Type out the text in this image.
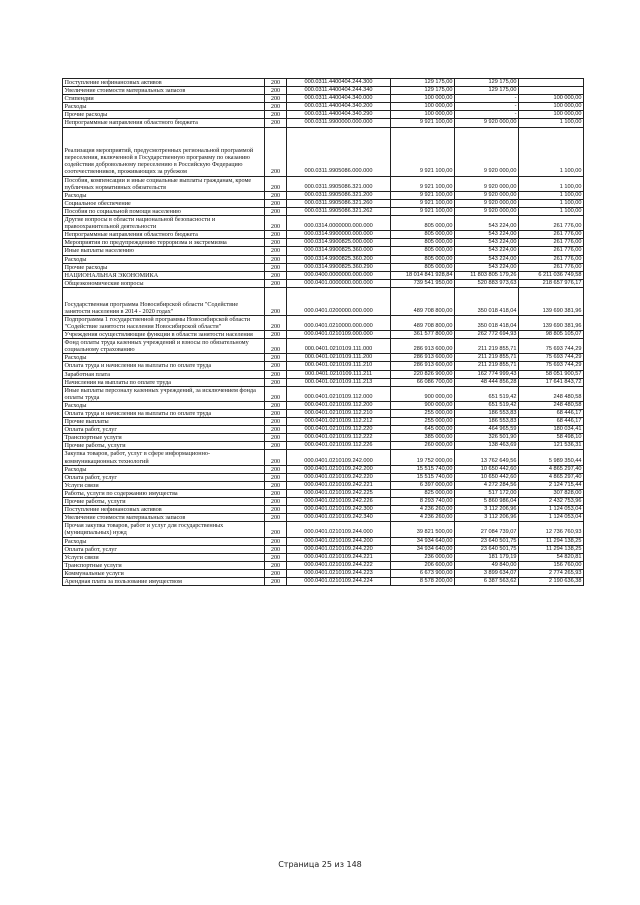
Поступление нефинансовых активов	200	000.0311.4400404.244.300	129 175,00	129 175,00	
Увеличение стоимости материальных запасов	200	000.0311.4400404.244.340	129 175,00	129 175,00	
Стипендии	200	000.0311.4400404.340.000	100 000,00	-	100 000,00
Расходы	200	000.0311.4400404.340.200	100 000,00	-	100 000,00
Прочие расходы	200	000.0311.4400404.340.290	100 000,00	-	100 000,00
Непрограммные направления областного бюджета	200	000.0311.9900000.000.000	9 921 100,00	9 920 000,00	1 100,00
Реализация мероприятий, предусмотренных региональной программой переселения, включенной в Государственную программу по оказанию содействия добровольному переселению в Российскую Федерацию соотечественников, проживающих за рубежом	200	000.0311.9905086.000.000	9 921 100,00	9 920 000,00	1 100,00
Пособия, компенсации и иные социальные выплаты гражданам, кроме публичных нормативных обязательств	200	000.0311.9905086.321.000	9 921 100,00	9 920 000,00	1 100,00
Расходы	200	000.0311.9905086.321.200	9 921 100,00	9 920 000,00	1 100,00
Социальное обеспечение	200	000.0311.9905086.321.260	9 921 100,00	9 920 000,00	1 100,00
Пособия по социальной помощи населению	200	000.0311.9905086.321.262	9 921 100,00	9 920 000,00	1 100,00
Другие вопросы в области национальной безопасности и правоохранительной деятельности	200	000.0314.0000000.000.000	805 000,00	543 224,00	261 776,00
Непрограммные направления областного бюджета	200	000.0314.9900000.000.000	805 000,00	543 224,00	261 776,00
Мероприятия по предупреждению терроризма и экстремизма	200	000.0314.9900825.000.000	805 000,00	543 224,00	261 776,00
Иные выплаты населению	200	000.0314.9900825.360.000	805 000,00	543 224,00	261 776,00
Расходы	200	000.0314.9900825.360.200	805 000,00	543 224,00	261 776,00
Прочие расходы	200	000.0314.9900825.360.290	805 000,00	543 224,00	261 776,00
НАЦИОНАЛЬНАЯ ЭКОНОМИКА	200	000.0400.0000000.000.000	18 014 841 928,84	11 803 805 179,26	6 211 036 749,58
Общеэкономические вопросы	200	000.0401.0000000.000.000	739 541 950,00	520 883 973,63	218 657 976,17
Государственная программа Новосибирской области "Содействие занятости населения в 2014 - 2020 годах"	200	000.0401.0200000.000.000	489 708 800,00	350 018 418,04	139 690 381,96
Подпрограмма 1 государственной программы Новосибирской области "Содействие занятости населения Новосибирской области"	200	000.0401.0210000.000.000	489 708 800,00	350 018 418,04	139 690 381,96
Учреждения осуществляющие функции в области занятости населения	200	000.0401.0210109.000.000	361 577 800,00	262 772 694,93	98 805 105,07
Фонд оплаты труда казенных учреждений и взносы по обязательному социальному страхованию	200	000.0401.0210109.111.000	286 913 600,00	211 219 855,71	75 693 744,29
Расходы	200	000.0401.0210109.111.200	286 913 600,00	211 219 855,71	75 693 744,29
Оплата труда и начисления на выплаты по оплате труда	200	000.0401.0210109.111.210	286 913 600,00	211 219 855,71	75 693 744,29
Заработная плата	200	000.0401.0210109.111.211	220 826 900,00	162 774 999,43	58 051 900,57
Начисления на выплаты по оплате труда	200	000.0401.0210109.111.213	66 086 700,00	48 444 856,28	17 641 843,72
Иные выплаты персоналу казенных учреждений, за исключением фонда оплаты труда	200	000.0401.0210109.112.000	900 000,00	651 519,42	248 480,58
Расходы	200	000.0401.0210109.112.200	900 000,00	651 519,42	248 480,58
Оплата труда и начисления на выплаты по оплате труда	200	000.0401.0210109.112.210	255 000,00	186 553,83	68 446,17
Прочие выплаты	200	000.0401.0210109.112.212	255 000,00	186 553,83	68 446,17
Оплата работ, услуг	200	000.0401.0210109.112.220	645 000,00	464 965,59	180 034,41
Транспортные услуги	200	000.0401.0210109.112.222	385 000,00	326 501,90	58 498,10
Прочие работы, услуги	200	000.0401.0210109.112.226	260 000,00	138 463,69	121 536,31
Закупка товаров, работ, услуг в сфере информационно-коммуникационных технологий	200	000.0401.0210109.242.000	19 752 000,00	13 762 649,56	5 989 350,44
Расходы	200	000.0401.0210109.242.200	15 515 740,00	10 650 442,60	4 865 297,40
Оплата работ, услуг	200	000.0401.0210109.242.220	15 515 740,00	10 650 442,60	4 865 297,40
Услуги связи	200	000.0401.0210109.242.221	6 397 000,00	4 272 284,56	2 124 715,44
Работы, услуги по содержанию имущества	200	000.0401.0210109.242.225	825 000,00	517 172,00	307 828,00
Прочие работы, услуги	200	000.0401.0210109.242.226	8 293 740,00	5 860 986,04	2 432 753,96
Поступление нефинансовых активов	200	000.0401.0210109.242.300	4 236 260,00	3 112 206,96	1 124 053,04
Увеличение стоимости материальных запасов	200	000.0401.0210109.242.340	4 236 260,00	3 112 206,96	1 124 053,04
Прочая закупка товаров, работ и услуг для государственных (муниципальных) нужд	200	000.0401.0210109.244.000	39 821 500,00	27 084 739,07	12 736 760,93
Расходы	200	000.0401.0210109.244.200	34 934 640,00	23 640 501,75	11 294 138,25
Оплата работ, услуг	200	000.0401.0210109.244.220	34 934 640,00	23 640 501,75	11 294 138,25
Услуги связи	200	000.0401.0210109.244.221	236 000,00	181 179,19	54 820,81
Транспортные услуги	200	000.0401.0210109.244.222	206 600,00	49 840,00	156 760,00
Коммунальные услуги	200	000.0401.0210109.244.223	6 673 900,00	3 899 634,07	2 774 265,93
Арендная плата за пользование имуществом	200	000.0401.0210109.244.224	8 578 200,00	6 387 563,62	2 190 636,38
Страница 25 из 148
